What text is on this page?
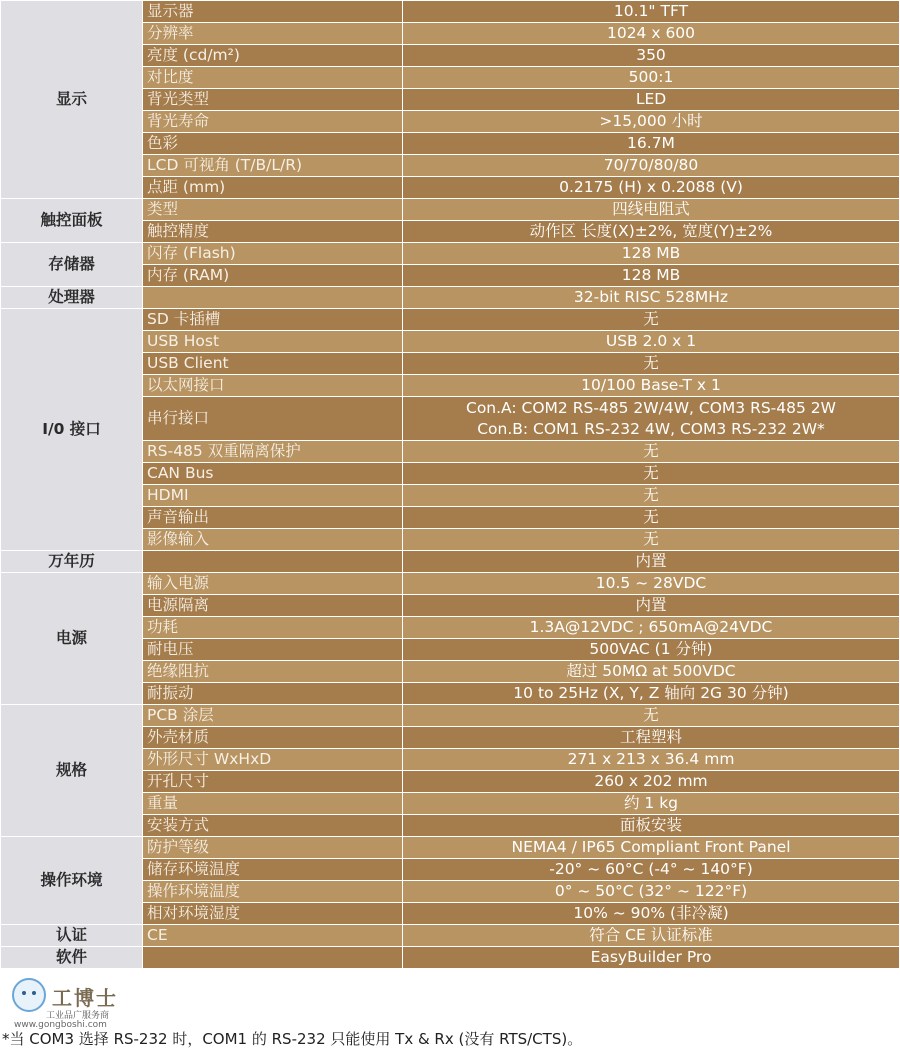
显示	显示器	10.1" TFT
	分辨率	1024 x 600
	亮度 (cd/m²)	350
	对比度	500:1
	背光类型	LED
	背光寿命	>15,000 小时
	色彩	16.7M
	LCD 可视角 (T/B/L/R)	70/70/80/80
	点距 (mm)	0.2175 (H) x 0.2088 (V)
触控面板	类型	四线电阻式
	触控精度	动作区 长度(X)±2%, 宽度(Y)±2%
存储器	闪存 (Flash)	128 MB
	内存 (RAM)	128 MB
处理器		32-bit RISC 528MHz
I/0 接口	SD 卡插槽	无
	USB Host	USB 2.0 x 1
	USB Client	无
	以太网接口	10/100 Base-T x 1
	串行接口	Con.A: COM2 RS-485 2W/4W, COM3 RS-485 2W
Con.B: COM1 RS-232 4W, COM3 RS-232 2W*

	RS-485 双重隔离保护	无
	CAN Bus	无
	HDMI	无
	声音输出	无
	影像输入	无
万年历		内置
电源	输入电源	10.5 ~ 28VDC
	电源隔离	内置
	功耗	1.3A@12VDC ; 650mA@24VDC
	耐电压	500VAC (1 分钟)
	绝缘阻抗	超过 50MΩ at 500VDC
	耐振动	10 to 25Hz (X, Y, Z 轴向 2G 30 分钟)
规格	PCB 涂层	无
	外壳材质	工程塑料
	外形尺寸 WxHxD	271 x 213 x 36.4 mm
	开孔尺寸	260 x 202 mm
	重量	约 1 kg
	安装方式	面板安装
操作环境	防护等级	NEMA4 / IP65 Compliant Front Panel
	储存环境温度	-20° ~ 60°C (-4° ~ 140°F)
	操作环境温度	0° ~ 50°C (32° ~ 122°F)
	相对环境湿度	10% ~ 90% (非冷凝)
认证	CE	符合 CE 认证标准
软件		EasyBuilder Pro
工博士
工业品广服务商
www.gongboshi.com
*当 COM3 选择 RS-232 时，COM1 的 RS-232 只能使用 Tx & Rx (没有 RTS/CTS)。
